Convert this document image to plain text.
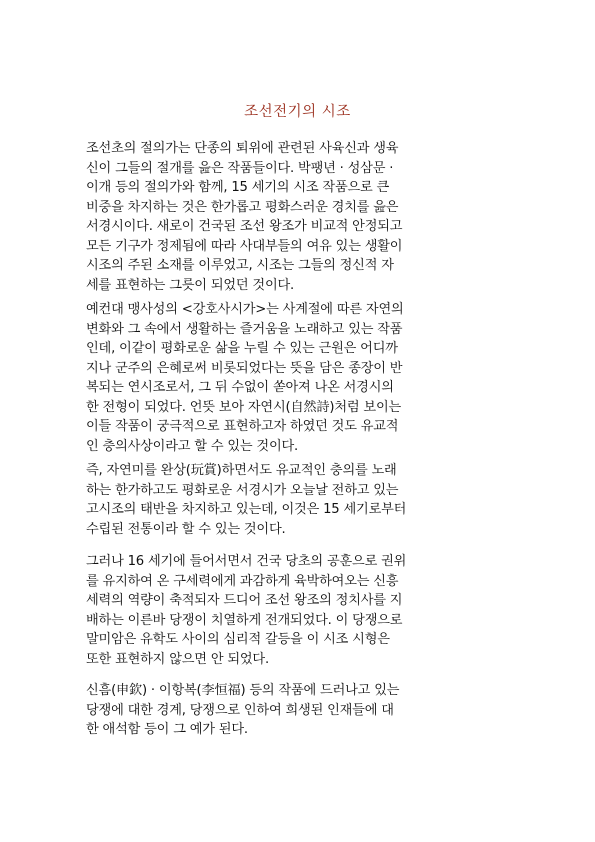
조선전기의 시조
조선초의 절의가는 단종의 퇴위에 관련된 사육신과 생육
신이 그들의 절개를 읊은 작품들이다. 박팽년 · 성삼문 ·
이개 등의 절의가와 함께, 15 세기의 시조 작품으로 큰
비중을 차지하는 것은 한가롭고 평화스러운 경치를 읊은
서경시이다. 새로이 건국된 조선 왕조가 비교적 안정되고
모든 기구가 정제됨에 따라 사대부들의 여유 있는 생활이
시조의 주된 소재를 이루었고, 시조는 그들의 정신적 자
세를 표현하는 그릇이 되었던 것이다.
예컨대 맹사성의 <강호사시가>는 사계절에 따른 자연의
변화와 그 속에서 생활하는 즐거움을 노래하고 있는 작품
인데, 이같이 평화로운 삶을 누릴 수 있는 근원은 어디까
지나 군주의 은혜로써 비롯되었다는 뜻을 담은 종장이 반
복되는 연시조로서, 그 뒤 수없이 쏟아져 나온 서경시의
한 전형이 되었다. 언뜻 보아 자연시(自然詩)처럼 보이는
이들 작품이 궁극적으로 표현하고자 하였던 것도 유교적
인 충의사상이라고 할 수 있는 것이다.
즉, 자연미를 완상(玩賞)하면서도 유교적인 충의를 노래
하는 한가하고도 평화로운 서경시가 오늘날 전하고 있는
고시조의 태반을 차지하고 있는데, 이것은 15 세기로부터
수립된 전통이라 할 수 있는 것이다.
그러나 16 세기에 들어서면서 건국 당초의 공훈으로 권위
를 유지하여 온 구세력에게 과감하게 육박하여오는 신흥
세력의 역량이 축적되자 드디어 조선 왕조의 정치사를 지
배하는 이른바 당쟁이 치열하게 전개되었다. 이 당쟁으로
말미암은 유학도 사이의 심리적 갈등을 이 시조 시형은
또한 표현하지 않으면 안 되었다.
신흠(申欽) · 이항복(李恒福) 등의 작품에 드러나고 있는
당쟁에 대한 경계, 당쟁으로 인하여 희생된 인재들에 대
한 애석함 등이 그 예가 된다.
